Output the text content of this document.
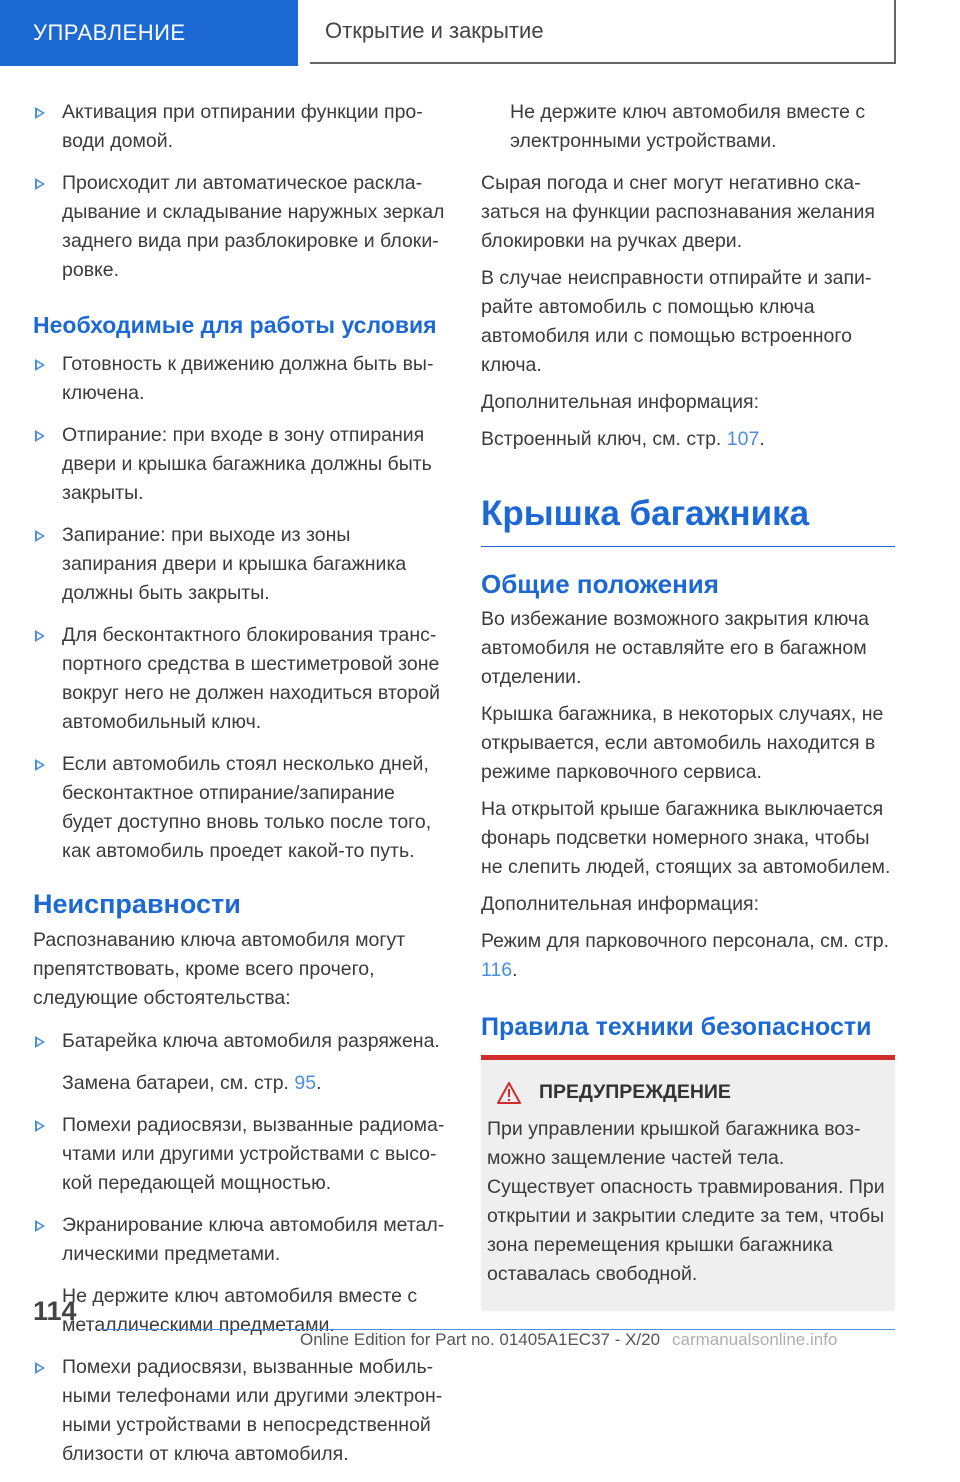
УПРАВЛЕНИЕ	Открытие и закрытие
Активация при отпирании функции проводи домой.
Происходит ли автоматическое раскладывание и складывание наружных зеркал заднего вида при разблокировке и блокировке.
Необходимые для работы условия
Готовность к движению должна быть выключена.
Отпирание: при входе в зону отпирания двери и крышка багажника должны быть закрыты.
Запирание: при выходе из зоны запирания двери и крышка багажника должны быть закрыты.
Для бесконтактного блокирования транспортного средства в шестиметровой зоне вокруг него не должен находиться второй автомобильный ключ.
Если автомобиль стоял несколько дней, бесконтактное отпирание/запирание будет доступно вновь только после того, как автомобиль проедет какой-то путь.
Неисправности

Распознаванию ключа автомобиля могут препятствовать, кроме всего прочего, следующие обстоятельства:

Батарейка ключа автомобиля разряжена.
Замена батареи, см. стр. 95.
Помехи радиосвязи, вызванные радиомачтами или другими устройствами с высокой передающей мощностью.
Экранирование ключа автомобиля металлическими предметами.
Не держите ключ автомобиля вместе с металлическими предметами.
Помехи радиосвязи, вызванные мобильными телефонами или другими электронными устройствами в непосредственной близости от ключа автомобиля.
Не держите ключ автомобиля вместе с электронными устройствами.

Сырая погода и снег могут негативно сказаться на функции распознавания желания блокировки на ручках двери.

В случае неисправности отпирайте и запирайте автомобиль с помощью ключа автомобиля или с помощью встроенного ключа.

Дополнительная информация:

Встроенный ключ, см. стр. 107.

Крышка багажника
Общие положения

Во избежание возможного закрытия ключа автомобиля не оставляйте его в багажном отделении.

Крышка багажника, в некоторых случаях, не открывается, если автомобиль находится в режиме парковочного сервиса.

На открытой крыше багажника выключается фонарь подсветки номерного знака, чтобы не слепить людей, стоящих за автомобилем.

Дополнительная информация:

Режим для парковочного персонала, см. стр. 116.

Правила техники безопасности
ПРЕДУПРЕЖДЕНИЕ
При управлении крышкой багажника возможно защемление частей тела. Существует опасность травмирования. При открытии и закрытии следите за тем, чтобы зона перемещения крышки багажника оставалась свободной.
114
Online Edition for Part no. 01405A1EC37 - X/20 carmanualsonline.info
